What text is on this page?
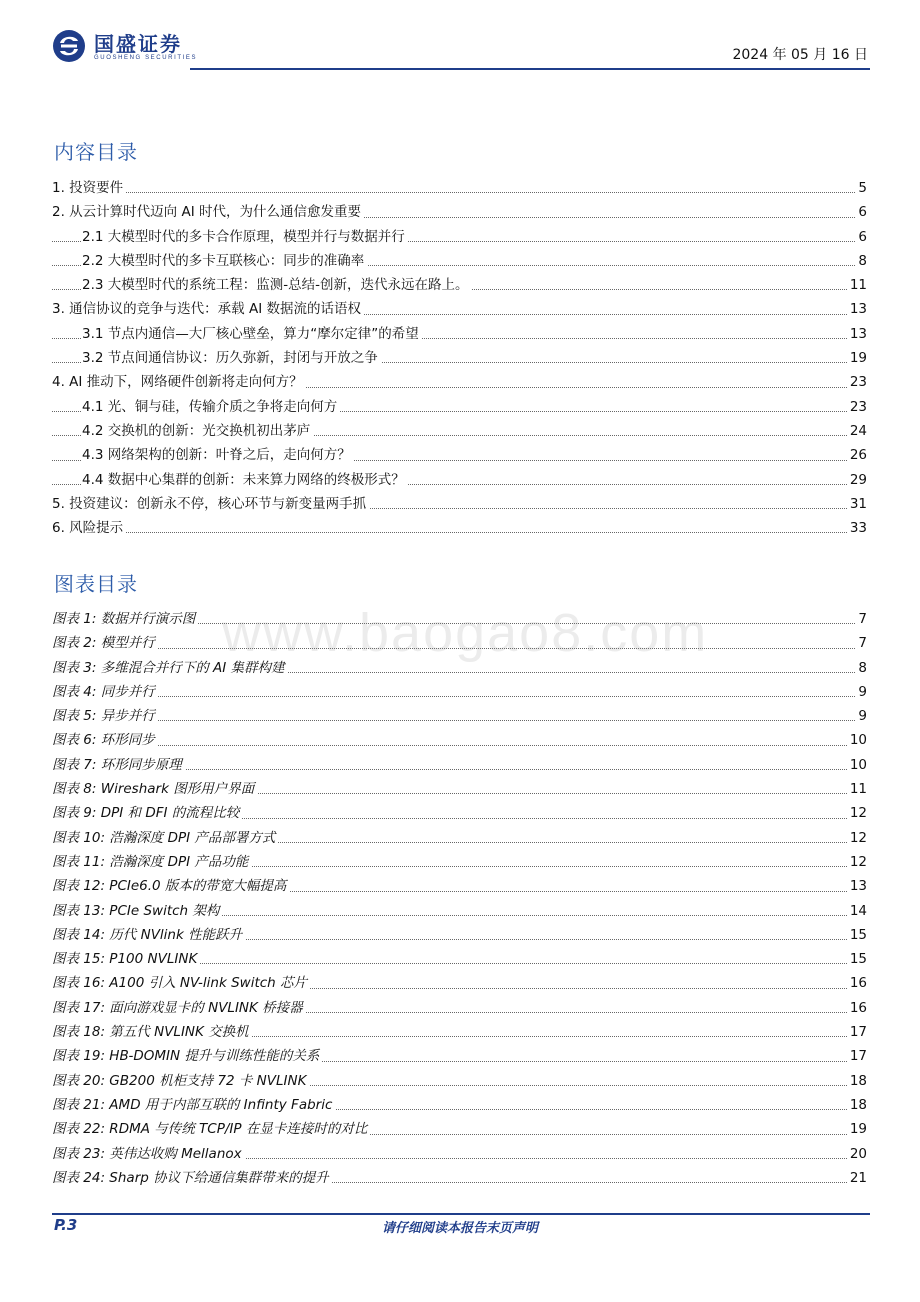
国盛证券
GUOSHENG SECURITIES	2024 年 05 月 16 日
内容目录
1. 投资要件	5
2. 从云计算时代迈向 AI 时代，为什么通信愈发重要	6
2.1 大模型时代的多卡合作原理，模型并行与数据并行	6
2.2 大模型时代的多卡互联核心：同步的准确率	8
2.3 大模型时代的系统工程：监测-总结-创新，迭代永远在路上。	11
3. 通信协议的竞争与迭代：承载 AI 数据流的话语权	13
3.1 节点内通信—大厂核心壁垒，算力“摩尔定律”的希望	13
3.2 节点间通信协议：历久弥新，封闭与开放之争	19
4. AI 推动下，网络硬件创新将走向何方？	23
4.1 光、铜与硅，传输介质之争将走向何方	23
4.2 交换机的创新：光交换机初出茅庐	24
4.3 网络架构的创新：叶脊之后，走向何方？	26
4.4 数据中心集群的创新：未来算力网络的终极形式？	29
5. 投资建议：创新永不停，核心环节与新变量两手抓	31
6. 风险提示	33
图表目录
图表 1: 数据并行演示图	7
图表 2: 模型并行	7
图表 3: 多维混合并行下的 AI 集群构建	8
图表 4: 同步并行	9
图表 5: 异步并行	9
图表 6: 环形同步	10
图表 7: 环形同步原理	10
图表 8: Wireshark 图形用户界面	11
图表 9: DPI 和 DFI 的流程比较	12
图表 10: 浩瀚深度 DPI 产品部署方式	12
图表 11: 浩瀚深度 DPI 产品功能	12
图表 12: PCIe6.0 版本的带宽大幅提高	13
图表 13: PCIe Switch 架构	14
图表 14: 历代 NVlink 性能跃升	15
图表 15: P100 NVLINK	15
图表 16: A100 引入 NV-link Switch 芯片	16
图表 17: 面向游戏显卡的 NVLINK 桥接器	16
图表 18: 第五代 NVLINK 交换机	17
图表 19: HB-DOMIN 提升与训练性能的关系	17
图表 20: GB200 机柜支持 72 卡 NVLINK	18
图表 21: AMD 用于内部互联的 Infinty Fabric	18
图表 22: RDMA 与传统 TCP/IP 在显卡连接时的对比	19
图表 23: 英伟达收购 Mellanox	20
图表 24: Sharp 协议下给通信集群带来的提升	21
www.baogao8.com
P.3	请仔细阅读本报告末页声明
